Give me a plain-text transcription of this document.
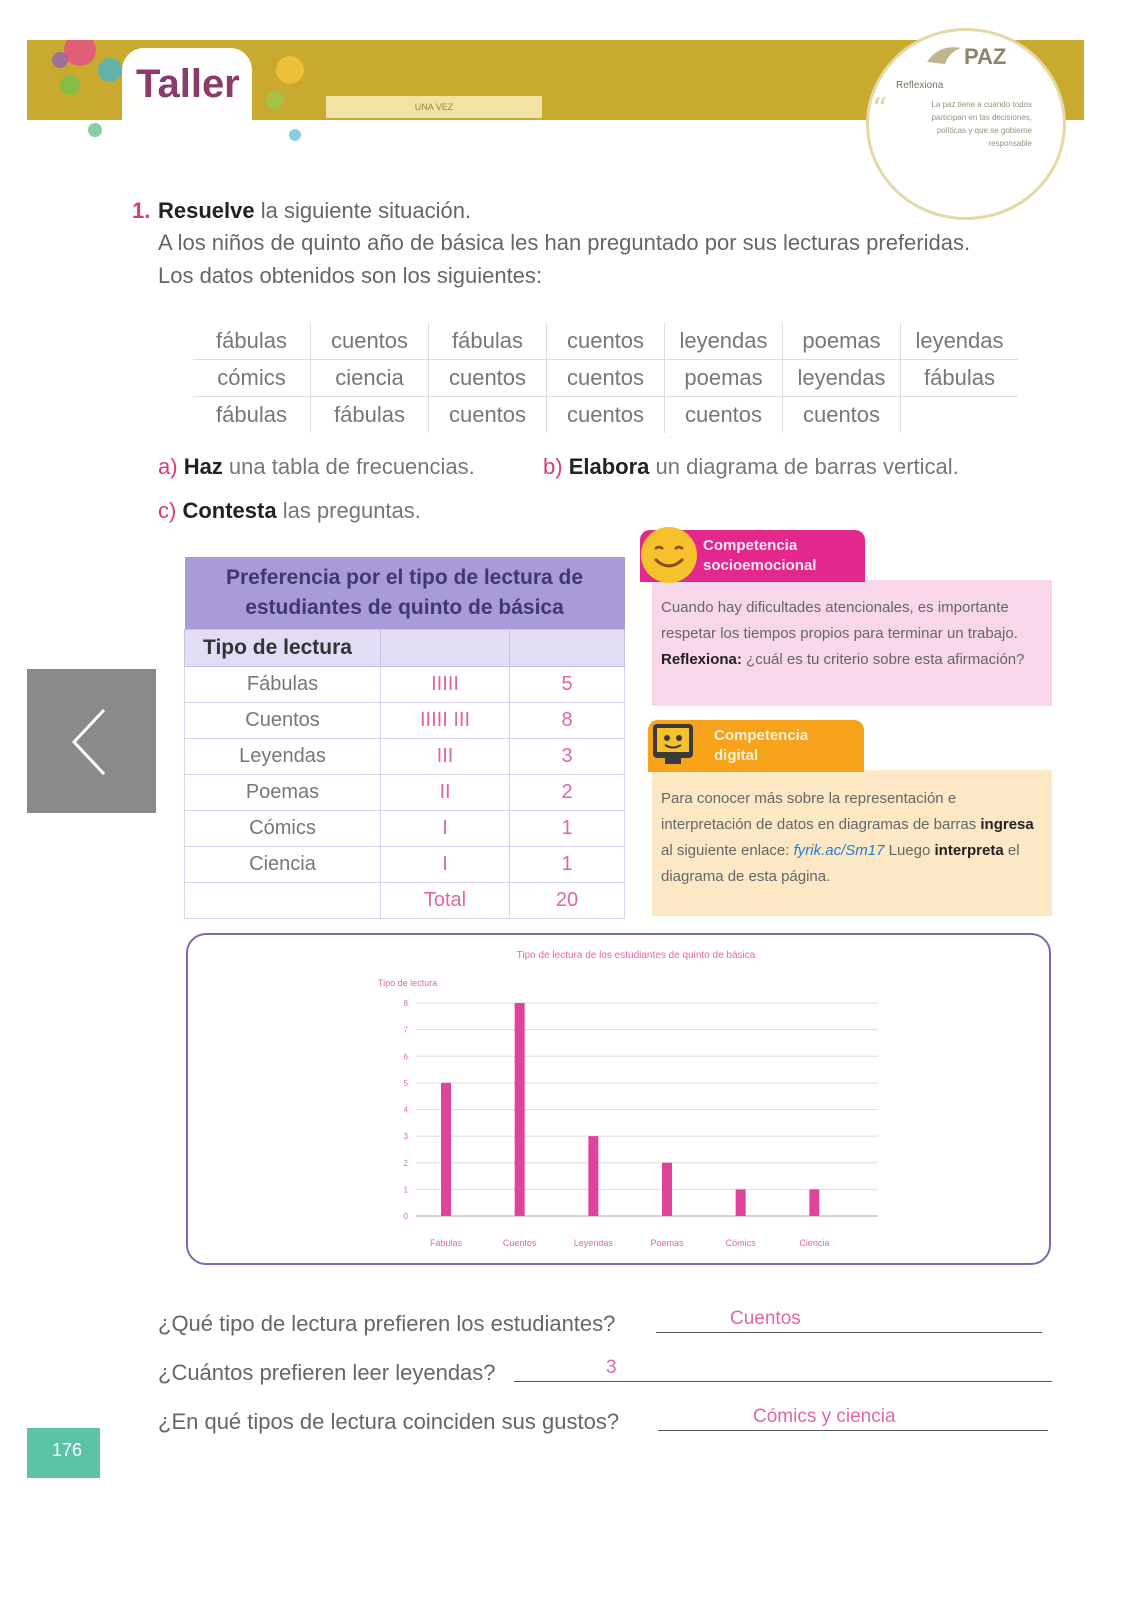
Taller
UNA VEZ
PAZ
Reflexiona
“	La paz tiene a cuando todos participan en las decisiones, políticas y que se gobierne responsable
1. Resuelve la siguiente situación.
A los niños de quinto año de básica les han preguntado por sus lecturas preferidas.
Los datos obtenidos son los siguientes:
fábulas	cuentos	fábulas	cuentos	leyendas	poemas	leyendas
cómics	ciencia	cuentos	cuentos	poemas	leyendas	fábulas
fábulas	fábulas	cuentos	cuentos	cuentos	cuentos	
a) Haz una tabla de frecuencias.	b) Elabora un diagrama de barras vertical.
c) Contesta las preguntas.
Preferencia por el tipo de lectura de estudiantes de quinto de básica		
Tipo de lectura		
Fábulas	IIIII	5
Cuentos	IIIII III	8
Leyendas	III	3
Poemas	II	2
Cómics	I	1
Ciencia	I	1
	Total	20
Competencia socioemocional
Cuando hay dificultades atencionales, es importante respetar los tiempos propios para terminar un trabajo. Reflexiona: ¿cuál es tu criterio sobre esta afirmación?
Competencia digital
Para conocer más sobre la representación e interpretación de datos en diagramas de barras ingresa al siguiente enlace: fyrik.ac/Sm17 Luego interpreta el diagrama de esta página.
Tipo de lectura de los estudiantes de quinto de básica
Tipo de lectura
0
1
2
3
4
5
6
7
8
Fábulas	Cuentos	Leyendas	Poemas	Cómics	Ciencia
¿Qué tipo de lectura prefieren los estudiantes?	Cuentos
¿Cuántos prefieren leer leyendas?	3
¿En qué tipos de lectura coinciden sus gustos?	Cómics y ciencia
176
